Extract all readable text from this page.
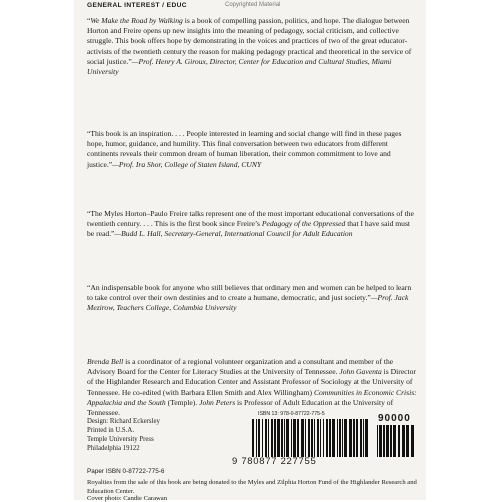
GENERAL INTEREST / EDUC	Copyrighted Material

“We Make the Road by Walking is a book of compelling passion, politics, and hope. The dialogue between Horton and Freire opens up new insights into the meaning of pedagogy, social criticism, and collective struggle. This book offers hope by demonstrating in the voices and practices of two of the great educator-activists of the twentieth century the reason for making pedagogy practical and theoretical in the service of social justice.”—Prof. Henry A. Giroux, Director, Center for Education and Cultural Studies, Miami University

“This book is an inspiration. . . . People interested in learning and social change will find in these pages hope, humor, guidance, and humility. This final conversation between two educators from different continents reveals their common dream of human liberation, their common commitment to love and justice.”—Prof. Ira Shor, College of Staten Island, CUNY

“The Myles Horton–Paulo Freire talks represent one of the most important educational conversations of the twentieth century. . . . This is the first book since Freire’s Pedagogy of the Oppressed that I have said must be read.”—Budd L. Hall, Secretary-General, International Council for Adult Education

“An indispensable book for anyone who still believes that ordinary men and women can be helped to learn to take control over their own destinies and to create a humane, democratic, and just society.”—Prof. Jack Mezirow, Teachers College, Columbia University

Brenda Bell is a coordinator of a regional volunteer organization and a consultant and member of the Advisory Board for the Center for Literacy Studies at the University of Tennessee. John Gaventa is Director of the Highlander Research and Education Center and Assistant Professor of Sociology at the University of Tennessee. He co-edited (with Barbara Ellen Smith and Alex Willingham) Communities in Economic Crisis: Appalachia and the South (Temple). John Peters is Professor of Adult Education at the University of Tennessee.

Design: Richard Eckersley
Printed in U.S.A.
Temple University Press
Philadelphia 19122
ISBN 13: 978-0-87722-775-5	90000
9 780877 227755
Paper ISBN 0-87722-775-6
Royalties from the sale of this book are being donated to the Myles and Zilphia Horton Fund of the Highlander Research and Education Center.
Cover photo: Candie Carawan
